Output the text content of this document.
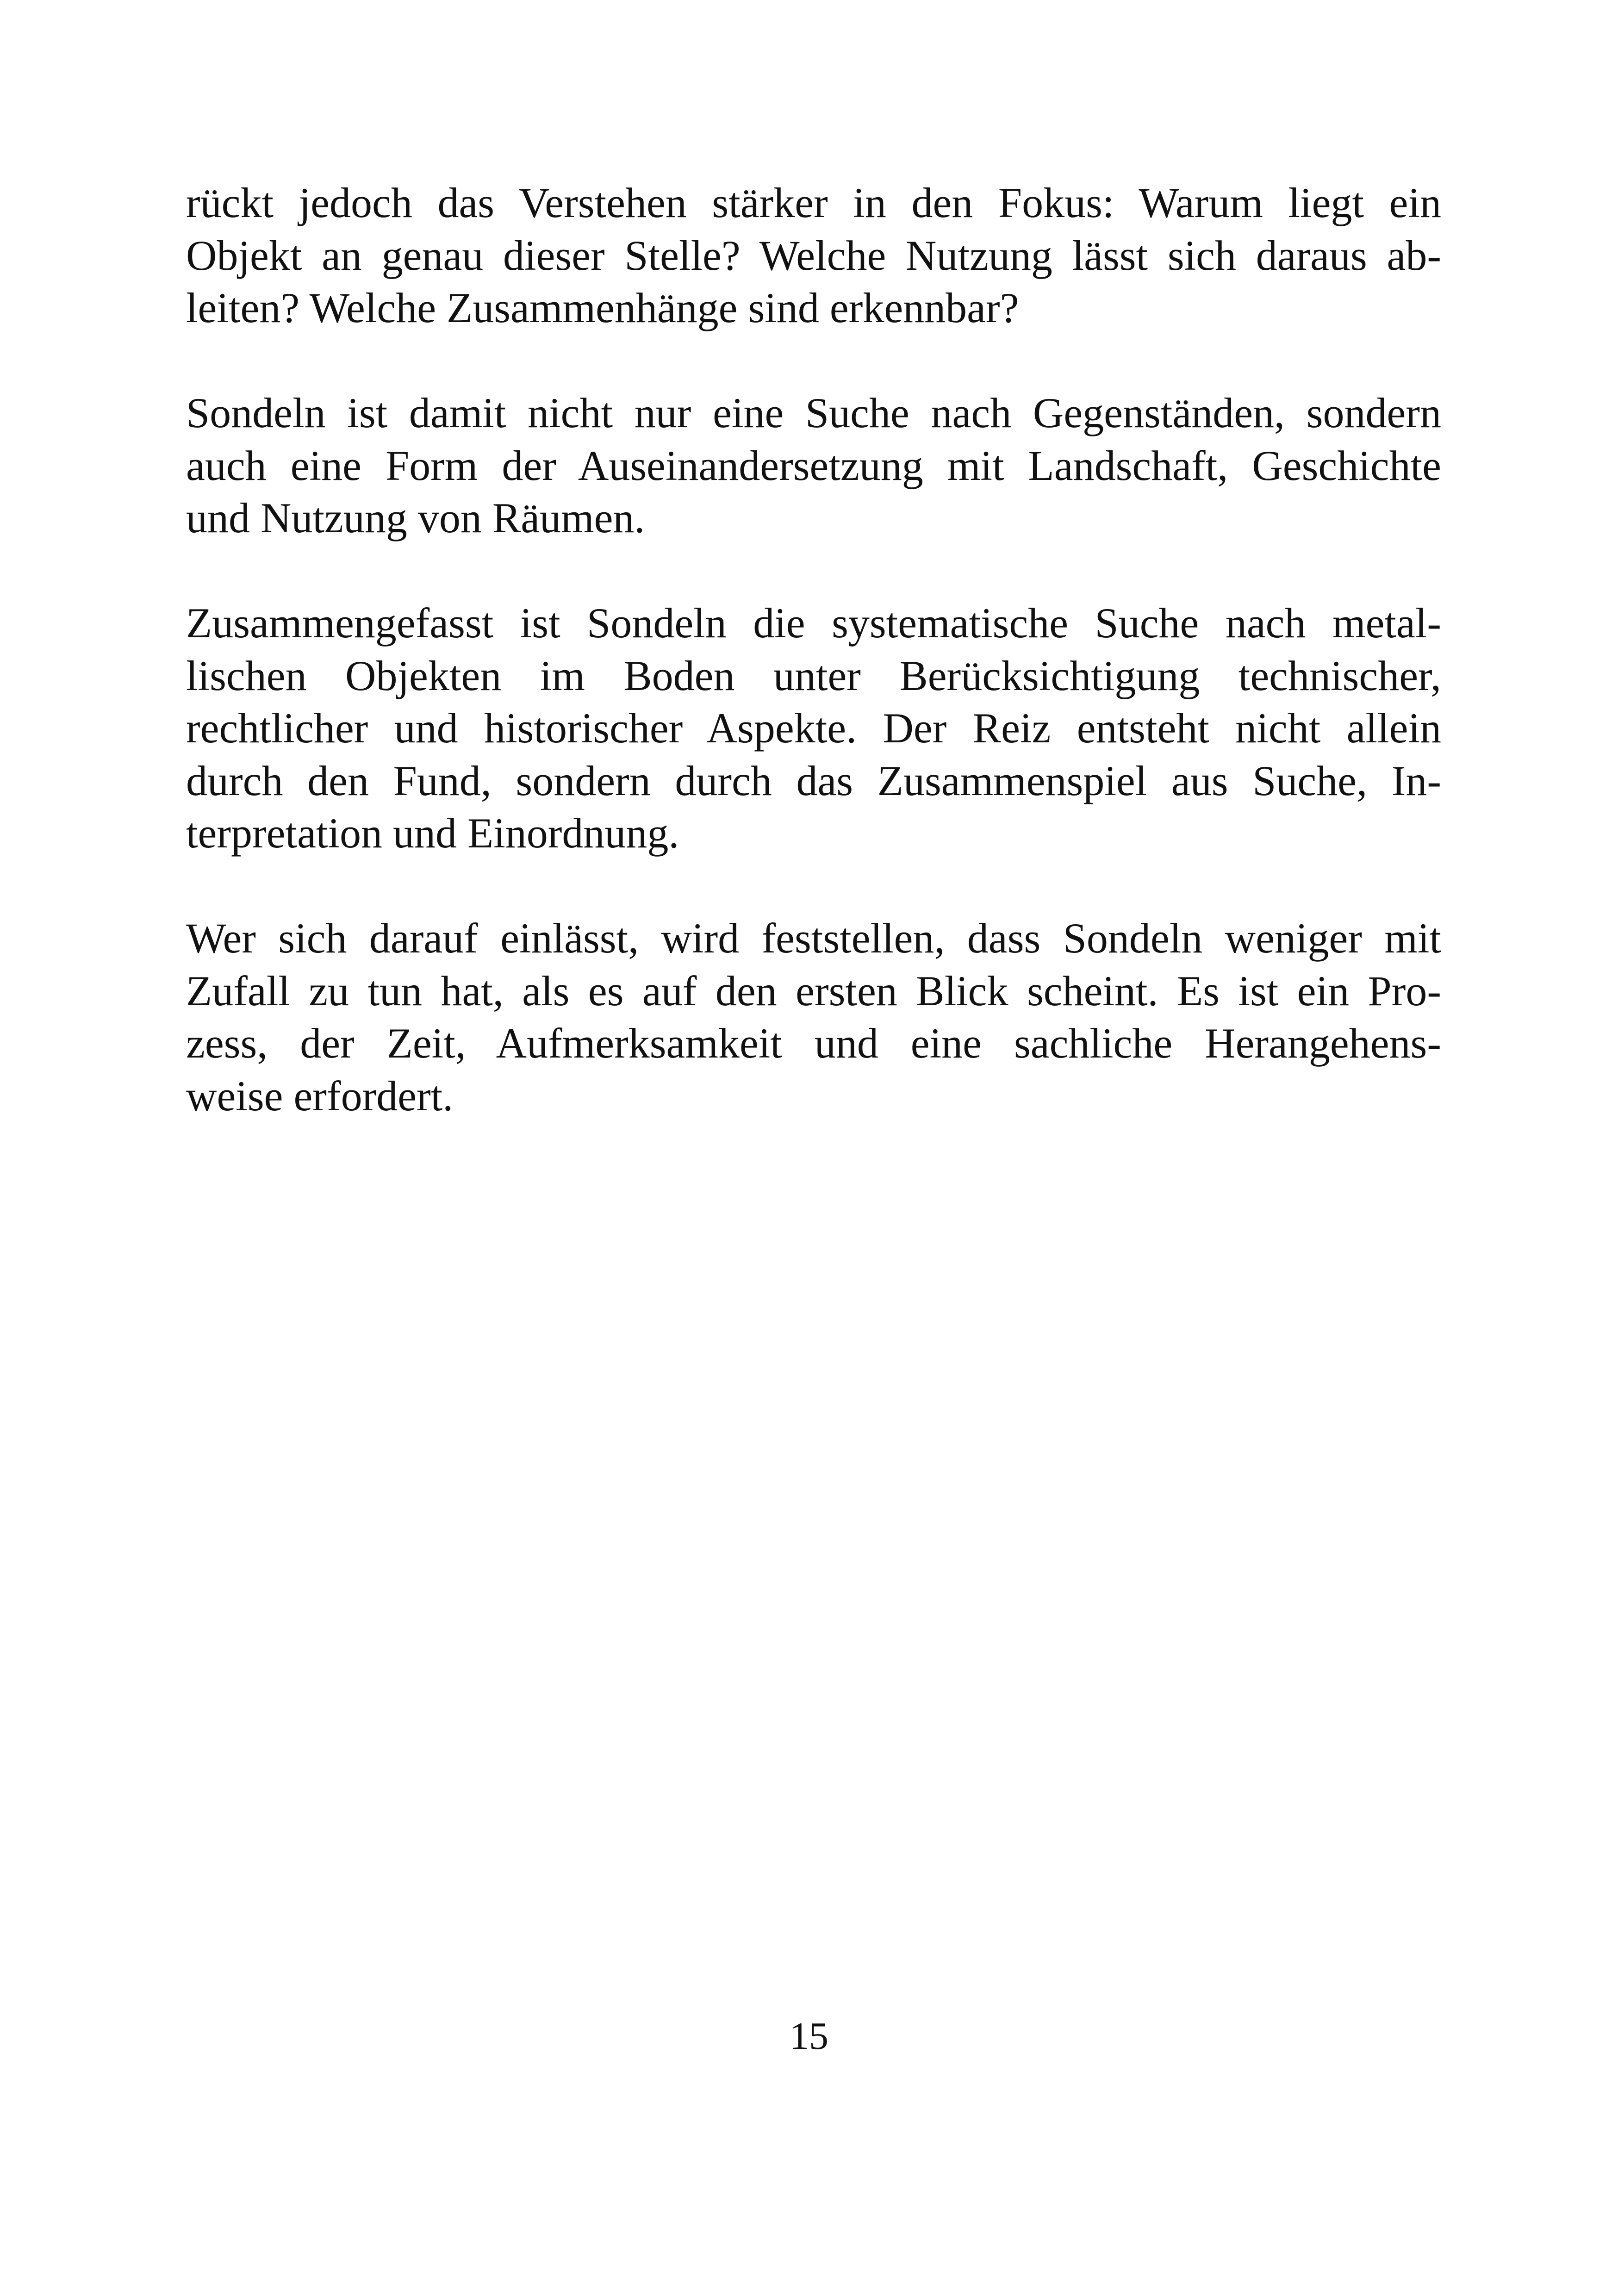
rückt jedoch das Verstehen stärker in den Fokus: Warum liegt ein
Objekt an genau dieser Stelle? Welche Nutzung lässt sich daraus ab-
leiten? Welche Zusammenhänge sind erkennbar?

Sondeln ist damit nicht nur eine Suche nach Gegenständen, sondern
auch eine Form der Auseinandersetzung mit Landschaft, Geschichte
und Nutzung von Räumen.

Zusammengefasst ist Sondeln die systematische Suche nach metal-
lischen Objekten im Boden unter Berücksichtigung technischer,
rechtlicher und historischer Aspekte. Der Reiz entsteht nicht allein
durch den Fund, sondern durch das Zusammenspiel aus Suche, In-
terpretation und Einordnung.

Wer sich darauf einlässt, wird feststellen, dass Sondeln weniger mit
Zufall zu tun hat, als es auf den ersten Blick scheint. Es ist ein Pro-
zess, der Zeit, Aufmerksamkeit und eine sachliche Herangehens-
weise erfordert.

15
